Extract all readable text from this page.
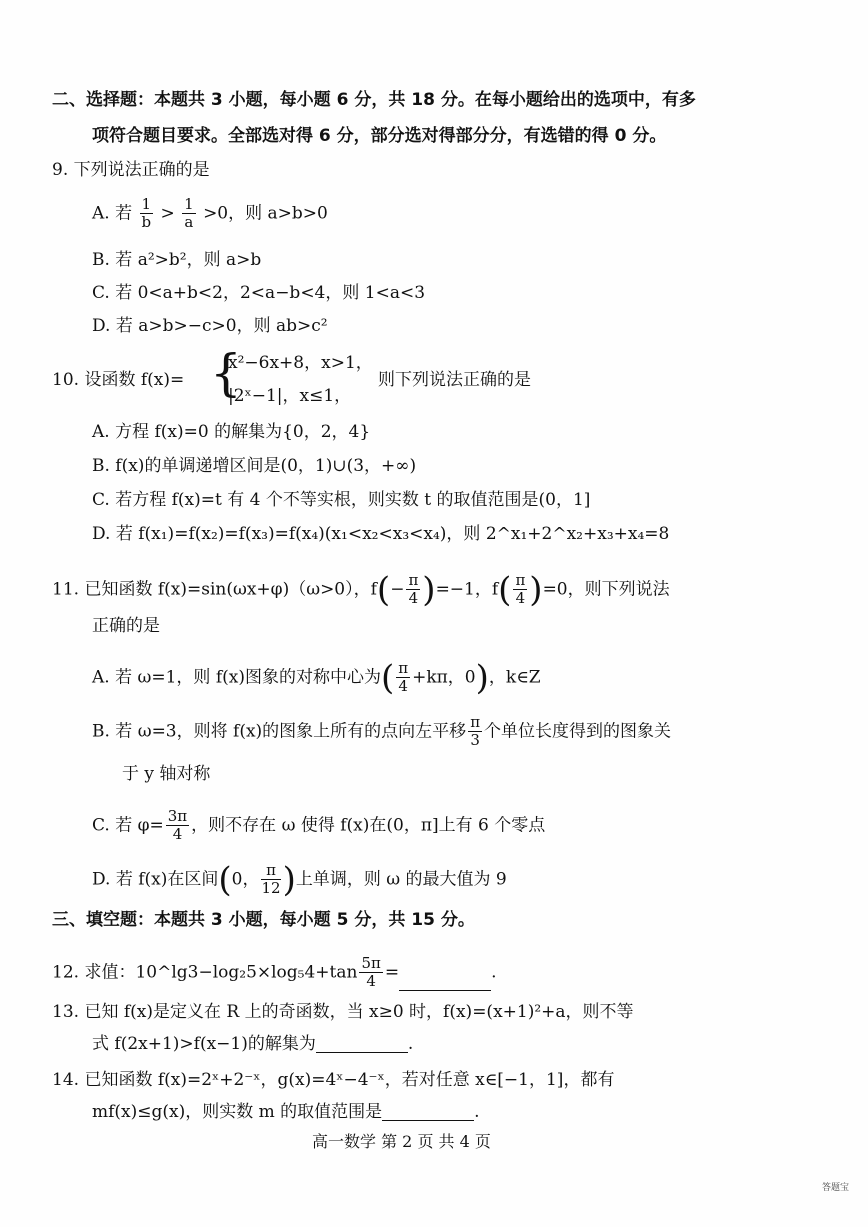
二、选择题：本题共 3 小题，每小题 6 分，共 18 分。在每小题给出的选项中，有多
项符合题目要求。全部选对得 6 分，部分选对得部分分，有选错的得 0 分。
9. 下列说法正确的是
A. 若 $\frac{1}{b} > \frac{1}{a} >0$，则 a>b>0
B. 若 a²>b²，则 a>b
C. 若 0<a+b<2，2<a−b<4，则 1<a<3
D. 若 a>b>−c>0，则 ab>c²
10. 设函数 f(x)= {
x²−6x+8，x>1，
|2ˣ−1|，x≤1，
则下列说法正确的是
A. 方程 f(x)=0 的解集为{0，2，4}
B. f(x)的单调递增区间是(0，1)∪(3，+∞)
C. 若方程 f(x)=t 有 4 个不等实根，则实数 t 的取值范围是(0，1]
D. 若 f(x₁)=f(x₂)=f(x₃)=f(x₄)(x₁<x₂<x₃<x₄)，则 2^x₁+2^x₂+x₃+x₄=8
11. 已知函数 f(x)=sin(ωx+φ)（ω>0），$f(- \frac{\pi}{4} )=-1$，$f( \frac{\pi}{4} )=0$，则下列说法
正确的是
A. 若 ω=1，则 f(x)图象的对称中心为( $\frac{\pi}{4} +k\pi$，0)，k∈Z
B. 若 ω=3，则将 f(x)的图象上所有的点向左平移 $\frac{\pi}{3}$ 个单位长度得到的图象关
于 y 轴对称
C. 若 $\varphi= \frac{3\pi}{4}$ ，则不存在 ω 使得 f(x)在(0，π]上有 6 个零点
D. 若 f(x)在区间(0， $\frac{\pi}{12}$ )上单调，则 ω 的最大值为 9
三、填空题：本题共 3 小题，每小题 5 分，共 15 分。
12. 求值：10^lg3−log₂5×log₅4+tan $\frac{5\pi}{4}$ =	.
13. 已知 f(x)是定义在 R 上的奇函数，当 x≥0 时，f(x)=(x+1)²+a，则不等
式 f(2x+1)>f(x−1)的解集为	.
14. 已知函数 f(x)=2ˣ+2⁻ˣ，g(x)=4ˣ−4⁻ˣ，若对任意 x∈[−1，1]，都有
mf(x)≤g(x)，则实数 m 的取值范围是	.
高一数学 第 2 页 共 4 页
答题宝
